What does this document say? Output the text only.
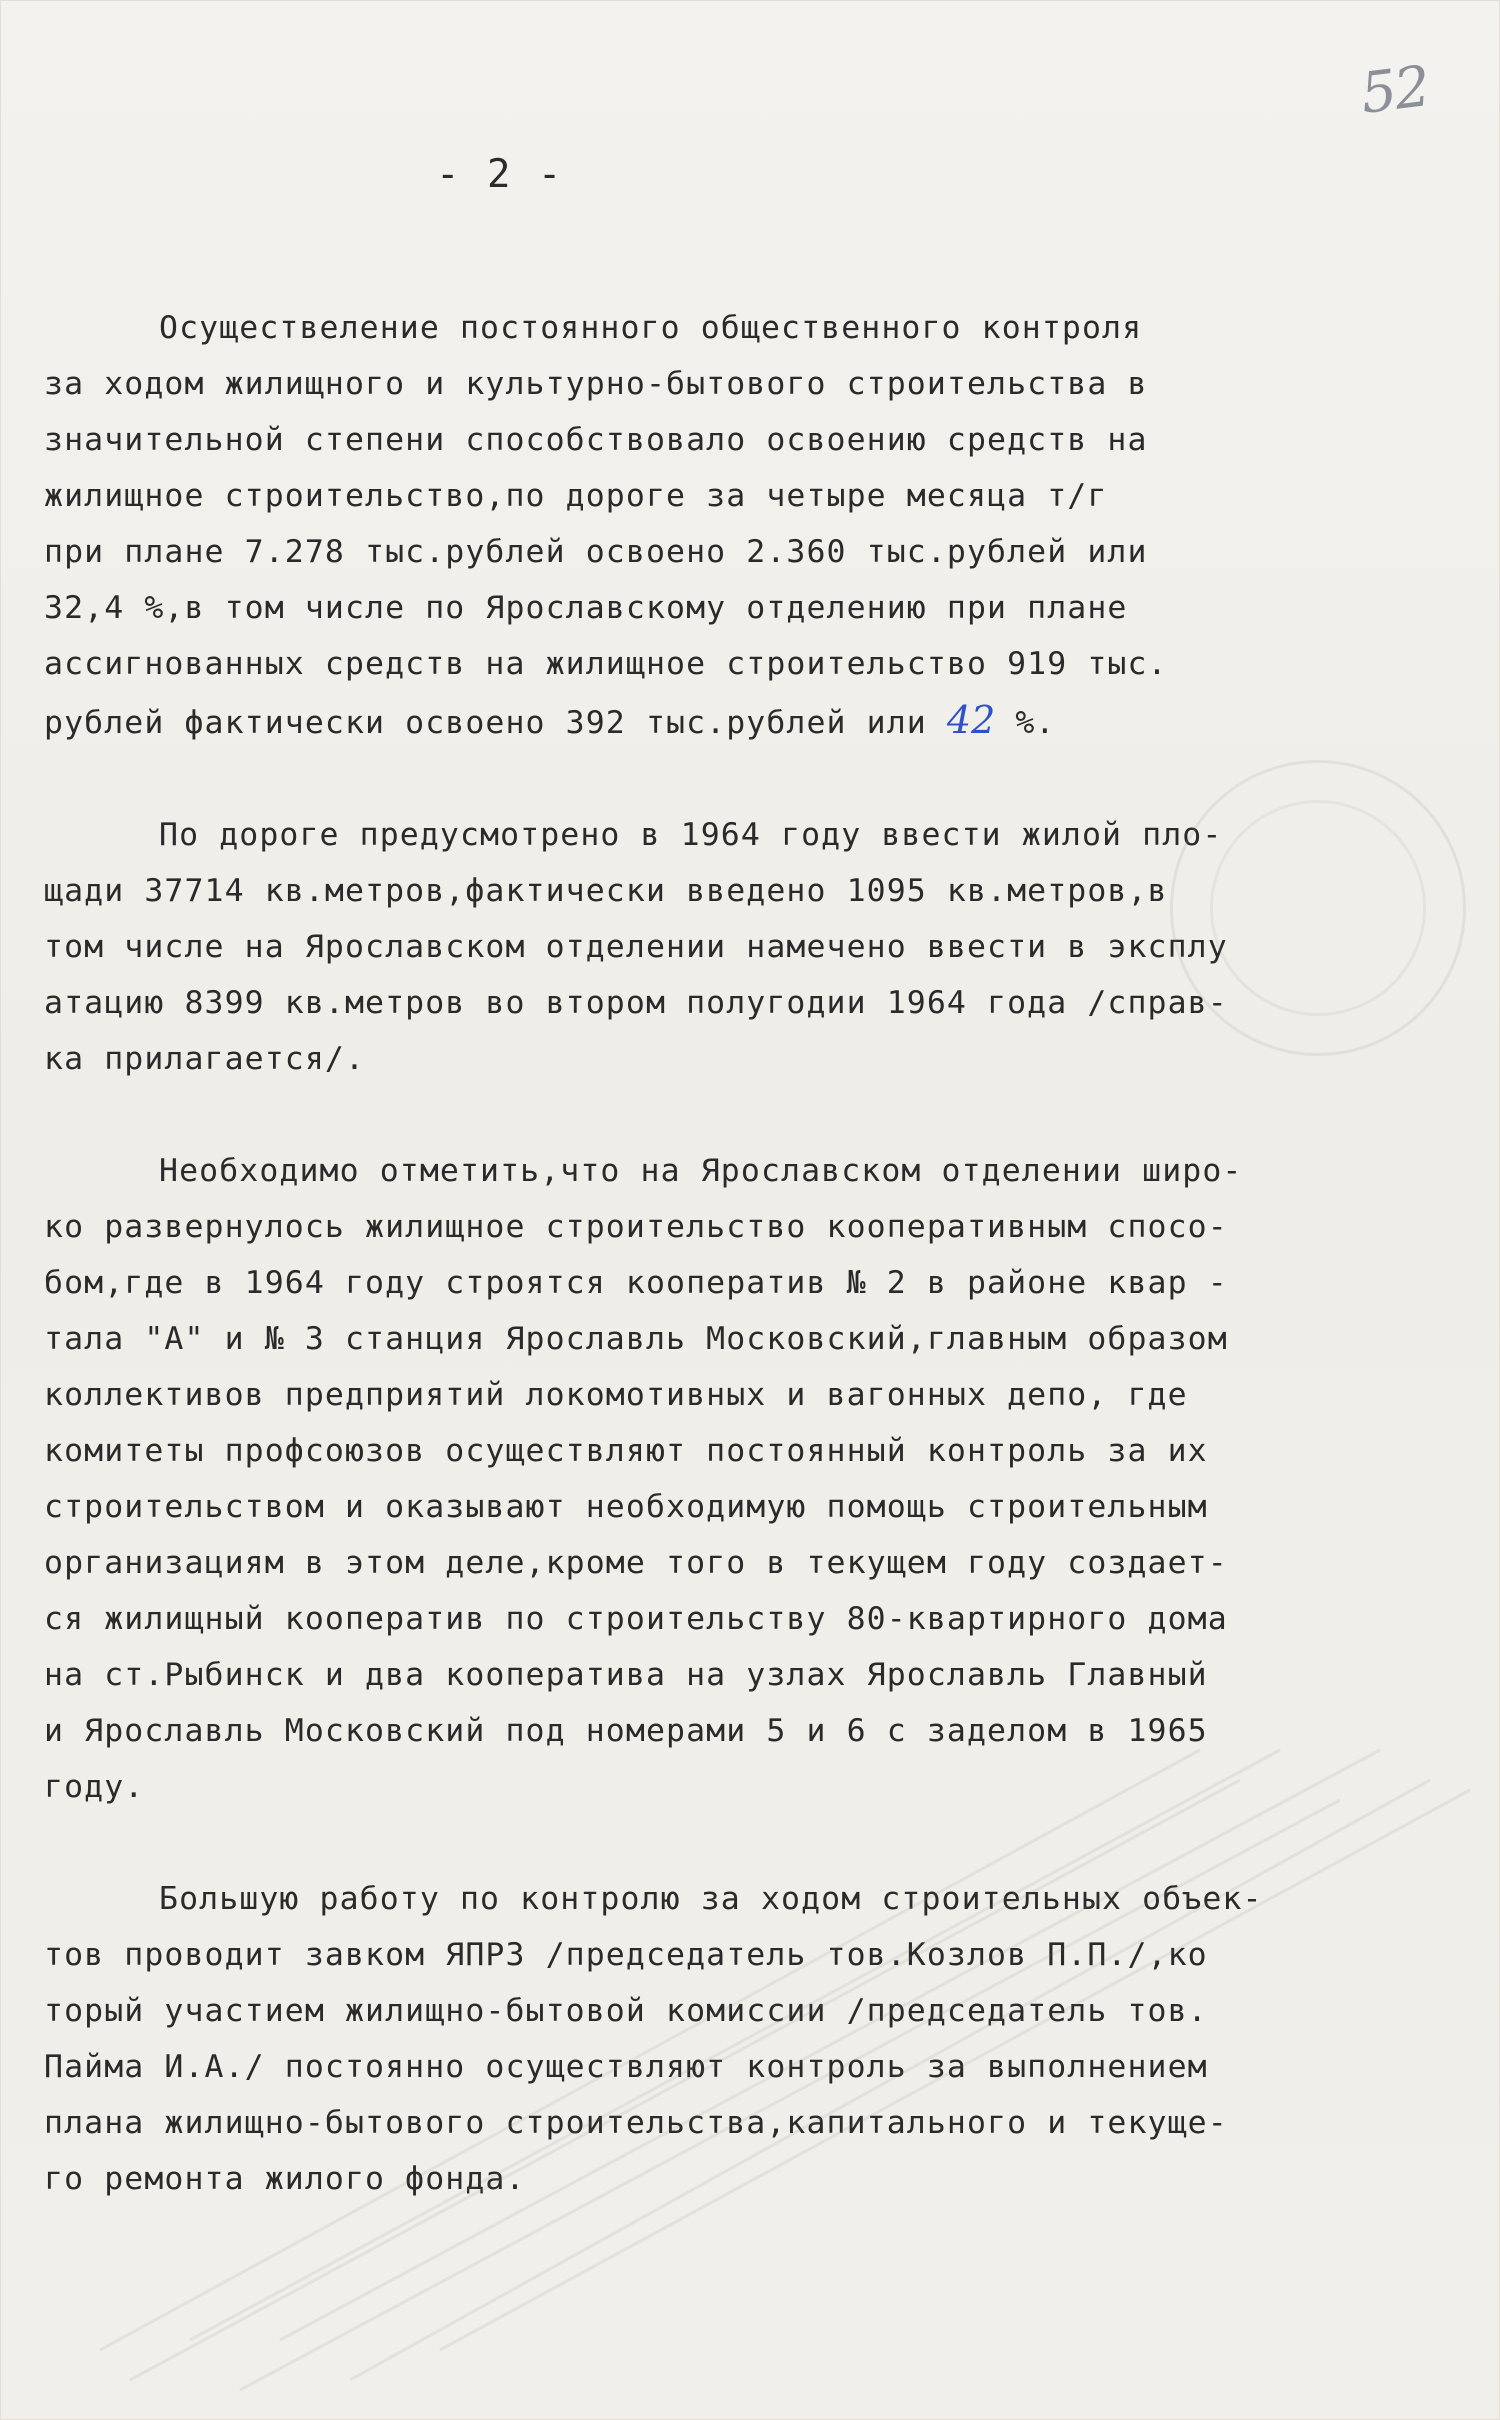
52
- 2 -
Осуществеление постоянного общественного контроля
за ходом жилищного и культурно-бытового строительства в
значительной степени способствовало освоению средств на
жилищное строительство,по дороге за четыре месяца т/г
при плане 7.278 тыс.рублей освоено 2.360 тыс.рублей или
32,4 %,в том числе по Ярославскому отделению при плане
ассигнованных средств на жилищное строительство 919 тыс.
рублей фактически освоено 392 тыс.рублей или 42 %.
По дороге предусмотрено в 1964 году ввести жилой пло-
щади 37714 кв.метров,фактически введено 1095 кв.метров,в
том числе на Ярославском отделении намечено ввести в эксплу
атацию 8399 кв.метров во втором полугодии 1964 года /справ-
ка прилагается/.
Необходимо отметить,что на Ярославском отделении широ-
ко развернулось жилищное строительство кооперативным спосо-
бом,где в 1964 году строятся кооператив № 2 в районе квар -
тала "А" и № 3 станция Ярославль Московский,главным образом
коллективов предприятий локомотивных и вагонных депо, где
комитеты профсоюзов осуществляют постоянный контроль за их
строительством и оказывают необходимую помощь строительным
организациям в этом деле,кроме того в текущем году создает-
ся жилищный кооператив по строительству 80-квартирного дома
на ст.Рыбинск и два кооператива на узлах Ярославль Главный
и Ярославль Московский под номерами 5 и 6 с заделом в 1965
году.
Большую работу по контролю за ходом строительных объек-
тов проводит завком ЯПРЗ /председатель тов.Козлов П.П./,ко
торый участием жилищно-бытовой комиссии /председатель тов.
Пайма И.А./ постоянно осуществляют контроль за выполнением
плана жилищно-бытового строительства,капитального и текуще-
го ремонта жилого фонда.
